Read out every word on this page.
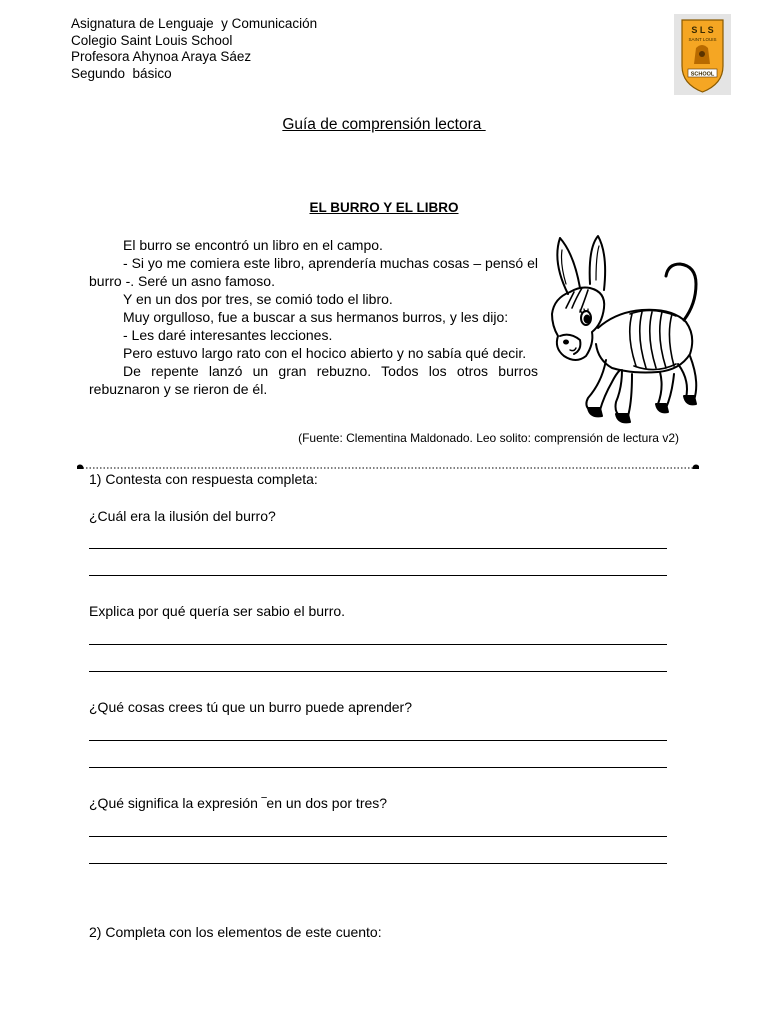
Asignatura de Lenguaje  y Comunicación
Colegio Saint Louis School
Profesora Ahynoa Araya Sáez
Segundo  básico
S L S
SAINT LOUIS
SCHOOL
Guía de comprensión lectora
EL BURRO Y EL LIBRO

El burro se encontró un libro en el campo.

- Si yo me comiera este libro, aprendería muchas cosas – pensó el burro -. Seré un asno famoso.

Y en un dos por tres, se comió todo el libro.

Muy orgulloso, fue a buscar a sus hermanos burros, y les dijo:

- Les daré interesantes lecciones.

Pero estuvo largo rato con el hocico abierto y no sabía qué decir.

De repente lanzó un gran rebuzno. Todos los otros burros rebuznaron y se rieron de él.

(Fuente: Clementina Maldonado. Leo solito: comprensión de lectura v2)
1) Contesta con respuesta completa:
¿Cuál era la ilusión del burro?
Explica por qué quería ser sabio el burro.
¿Qué cosas crees tú que un burro puede aprender?
¿Qué significa la expresión ‾en un dos por tres?
2) Completa con los elementos de este cuento:
